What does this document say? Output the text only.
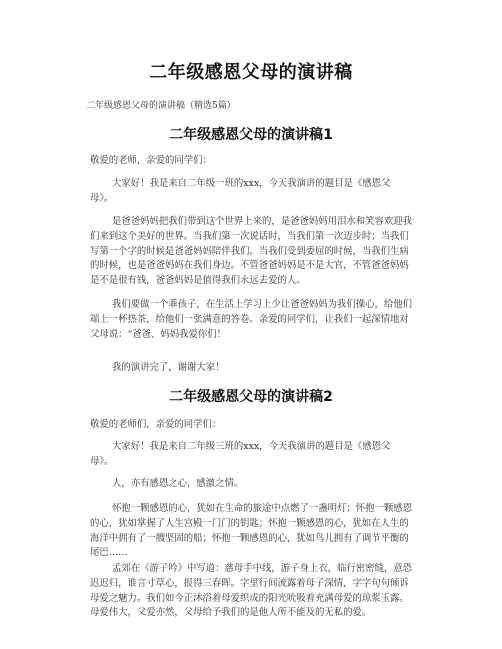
二年级感恩父母的演讲稿
二年级感恩父母的演讲稿（精选5篇）
二年级感恩父母的演讲稿1

敬爱的老师，亲爱的同学们：

大家好！我是来自二年级一班的xxx，今天我演讲的题目是《感恩父母》。

是爸爸妈妈把我们带到这个世界上来的，是爸爸妈妈用泪水和笑容欢迎我们来到这个美好的世界。当我们第一次说话时，当我们第一次迈步时；当我们写第一个字的时候是爸爸妈妈陪伴我们。当我们受到委屈的时候，当我们生病的时候，也是爸爸妈妈在我们身边。不管爸爸妈妈是不是大官，不管爸爸妈妈是不是很有钱，爸爸妈妈是值得我们永远去爱的人。

我们要做一个乖孩子，在生活上学习上少让爸爸妈妈为我们操心，给他们端上一杯热茶，给他们一张满意的答卷。亲爱的同学们，让我们一起深情地对父母说：“爸爸、妈妈我爱你们！

我的演讲完了，谢谢大家！

二年级感恩父母的演讲稿2

敬爱的老师们，亲爱的同学们：

大家好！我是来自二年级三班的xxx，今天我演讲的题目是《感恩父母》。

人，亦有感恩之心，感激之情。

怀抱一颗感恩的心，犹如在生命的旅途中点燃了一盏明灯；怀抱一颗感恩的心，犹如掌握了人生宫殿一门门的钥匙；怀抱一颗感恩的心，犹如在人生的海洋中拥有了一艘坚固的船；怀抱一颗感恩的心，犹如鸟儿拥有了调节平衡的尾巴……

孟郊在《游子吟》中写道：慈母手中线，游子身上衣，临行密密缝，意恐迟迟归，谁言寸草心，报得三春晖。字里行间流露着母子深情，字字句句倾诉母爱之魅力。我们如今正沐浴着母爱织成的阳光吮吸着充满母爱的琼浆玉露。母爱伟大，父爱亦然，父母给予我们的是他人所不能及的无私的爱。
